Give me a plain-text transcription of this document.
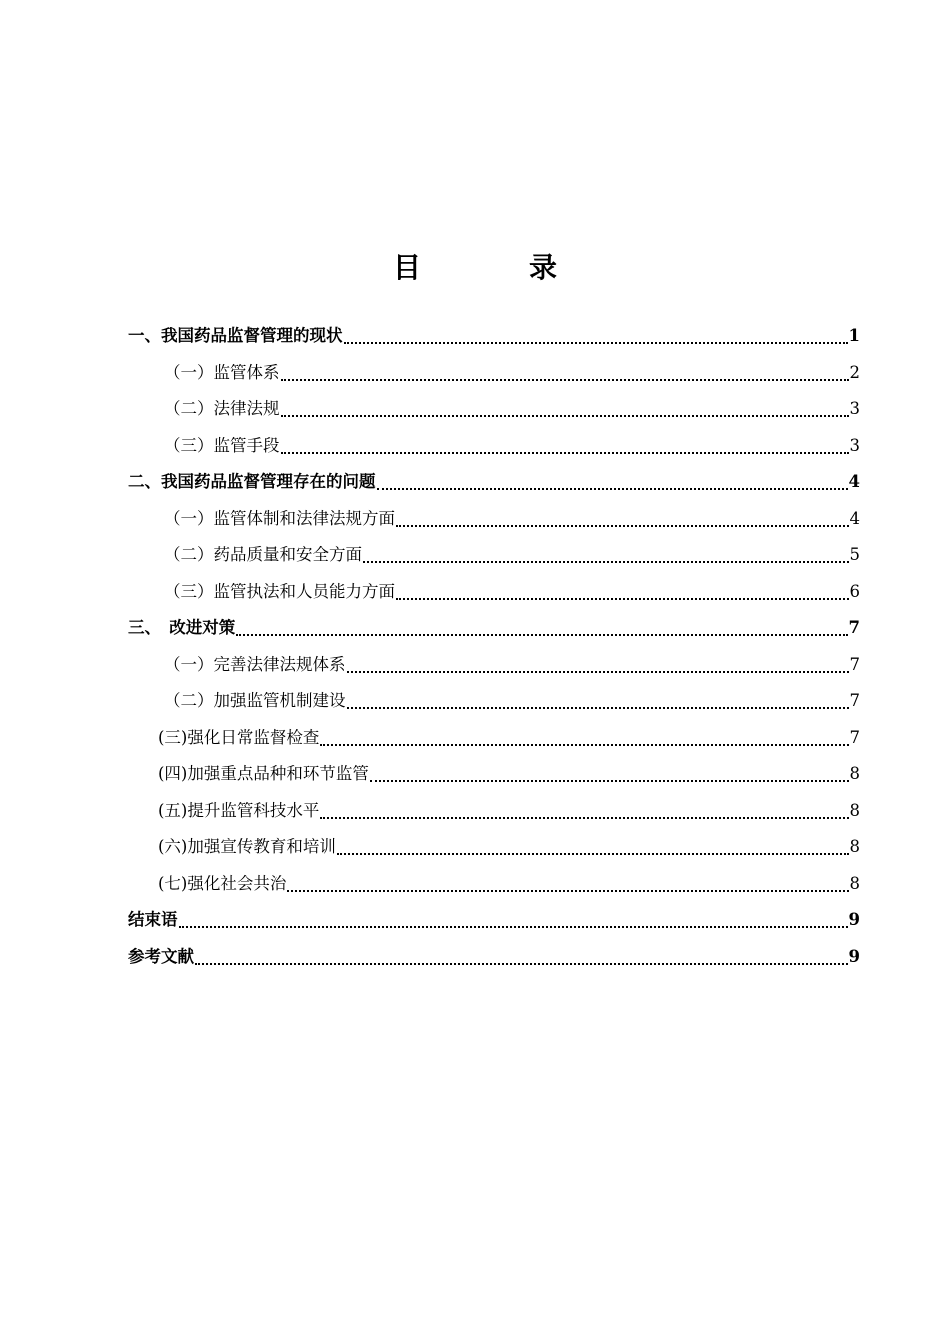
目　录
一、我国药品监督管理的现状	1
（一）监管体系	2
（二）法律法规	3
（三）监管手段	3
二、我国药品监督管理存在的问题	4
（一）监管体制和法律法规方面	4
（二）药品质量和安全方面	5
（三）监管执法和人员能力方面	6
三、　改进对策	7
（一）完善法律法规体系	7
（二）加强监管机制建设	7
(三)强化日常监督检查	7
(四)加强重点品种和环节监管	8
(五)提升监管科技水平	8
(六)加强宣传教育和培训	8
(七)强化社会共治	8
结束语	9
参考文献	9
